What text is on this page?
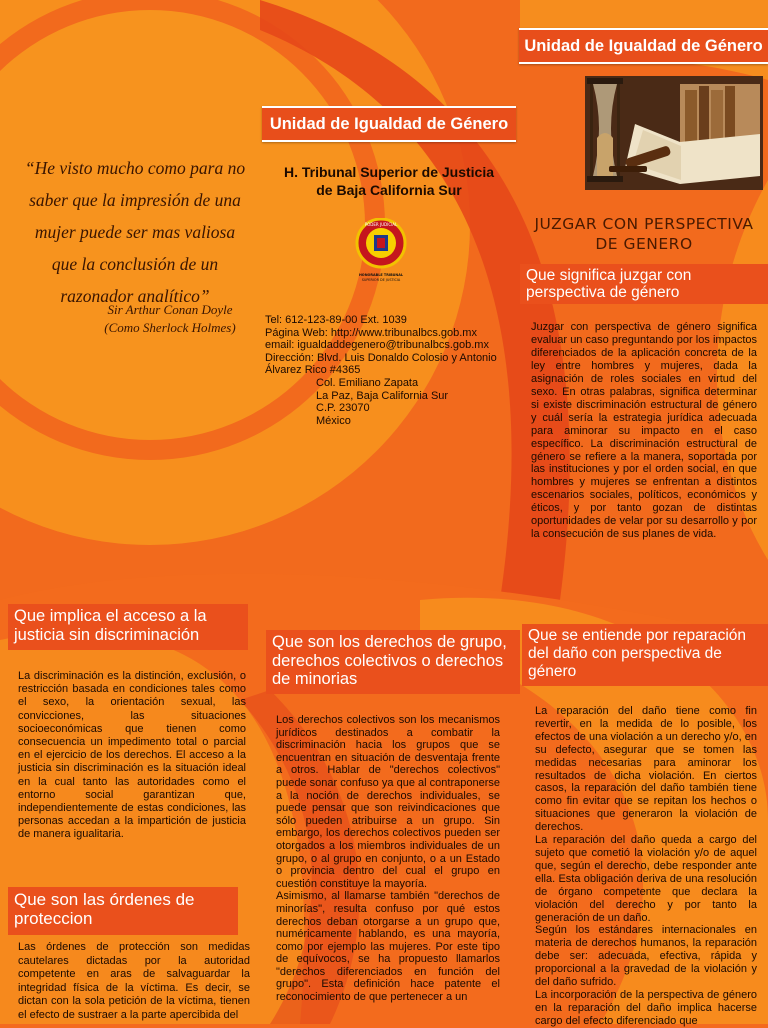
“He visto mucho como para no
saber que la impresión de una
mujer puede ser mas valiosa
que la conclusión de un
razonador analítico”
Sir Arthur Conan Doyle
(Como Sherlock Holmes)
Unidad de Igualdad de Género
H. Tribunal Superior de Justicia
de Baja California Sur
PODER JUDICIAL
HONORABLE TRIBUNAL
SUPERIOR DE JUSTICIA
Tel: 612-123-89-00 Ext. 1039
Página Web: http://www.tribunalbcs.gob.mx
email: igualdaddegenero@tribunalbcs.gob.mx
Dirección: Blvd. Luis Donaldo Colosio y Antonio
Álvarez Rico #4365
Col. Emiliano Zapata
La Paz, Baja California Sur
C.P. 23070
México
Unidad de Igualdad de Género
JUZGAR CON PERSPECTIVA
DE GENERO
Que significa juzgar con perspectiva de género

Juzgar con perspectiva de género significa evaluar un caso preguntando por los impactos diferenciados de la aplicación concreta de la ley entre hombres y mujeres, dada la asignación de roles sociales en virtud del sexo. En otras palabras, significa determinar si existe discriminación estructural de género y cuál sería la estrategia jurídica adecuada para aminorar su impacto en el caso específico. La discriminación estructural de género se refiere a la manera, soportada por las instituciones y por el orden social, en que hombres y mujeres se enfrentan a distintos escenarios sociales, políticos, económicos y éticos, y por tanto gozan de distintas oportunidades de velar por su desarrollo y por la consecución de sus planes de vida.

Que implica el acceso a la justicia sin discriminación

La discriminación es la distinción, exclusión, o restricción basada en condiciones tales como el sexo, la orientación sexual, las convicciones, las situaciones socioeconómicas que tienen como consecuencia un impedimento total o parcial en el ejercicio de los derechos. El acceso a la justicia sin discriminación es la situación ideal en la cual tanto las autoridades como el entorno social garantizan que, independientemente de estas condiciones, las personas accedan a la impartición de justicia de manera igualitaria.

Que son las órdenes de proteccion

Las órdenes de protección son medidas cautelares dictadas por la autoridad competente en aras de salvaguardar la integridad física de la víctima. Es decir, se dictan con la sola petición de la víctima, tienen el efecto de sustraer a la parte apercibida del

Que son los derechos de grupo, derechos colectivos o derechos de minorias

Los derechos colectivos son los mecanismos jurídicos destinados a combatir la discriminación hacia los grupos que se encuentran en situación de desventaja frente a otros. Hablar de "derechos colectivos" puede sonar confuso ya que al contraponerse a la noción de derechos individuales, se puede pensar que son reivindicaciones que sólo pueden atribuirse a un grupo. Sin embargo, los derechos colectivos pueden ser otorgados a los miembros individuales de un grupo, o al grupo en conjunto, o a un Estado o provincia dentro del cual el grupo en cuestión constituye la mayoría.

Asimismo, al llamarse también "derechos de minorías", resulta confuso por qué estos derechos deban otorgarse a un grupo que, numéricamente hablando, es una mayoría, como por ejemplo las mujeres. Por este tipo de equívocos, se ha propuesto llamarlos "derechos diferenciados en función del grupo". Esta definición hace patente el reconocimiento de que pertenecer a un

Que se entiende por reparación del daño con perspectiva de género

La reparación del daño tiene como fin revertir, en la medida de lo posible, los efectos de una violación a un derecho y/o, en su defecto, asegurar que se tomen las medidas necesarias para aminorar los resultados de dicha violación. En ciertos casos, la reparación del daño también tiene como fin evitar que se repitan los hechos o situaciones que generaron la violación de derechos.

La reparación del daño queda a cargo del sujeto que cometió la violación y/o de aquel que, según el derecho, debe responder ante ella. Esta obligación deriva de una resolución de órgano competente que declara la violación del derecho y por tanto la generación de un daño.

Según los estándares internacionales en materia de derechos humanos, la reparación debe ser: adecuada, efectiva, rápida y proporcional a la gravedad de la violación y del daño sufrido.

La incorporación de la perspectiva de género en la reparación del daño implica hacerse cargo del efecto diferenciado que
